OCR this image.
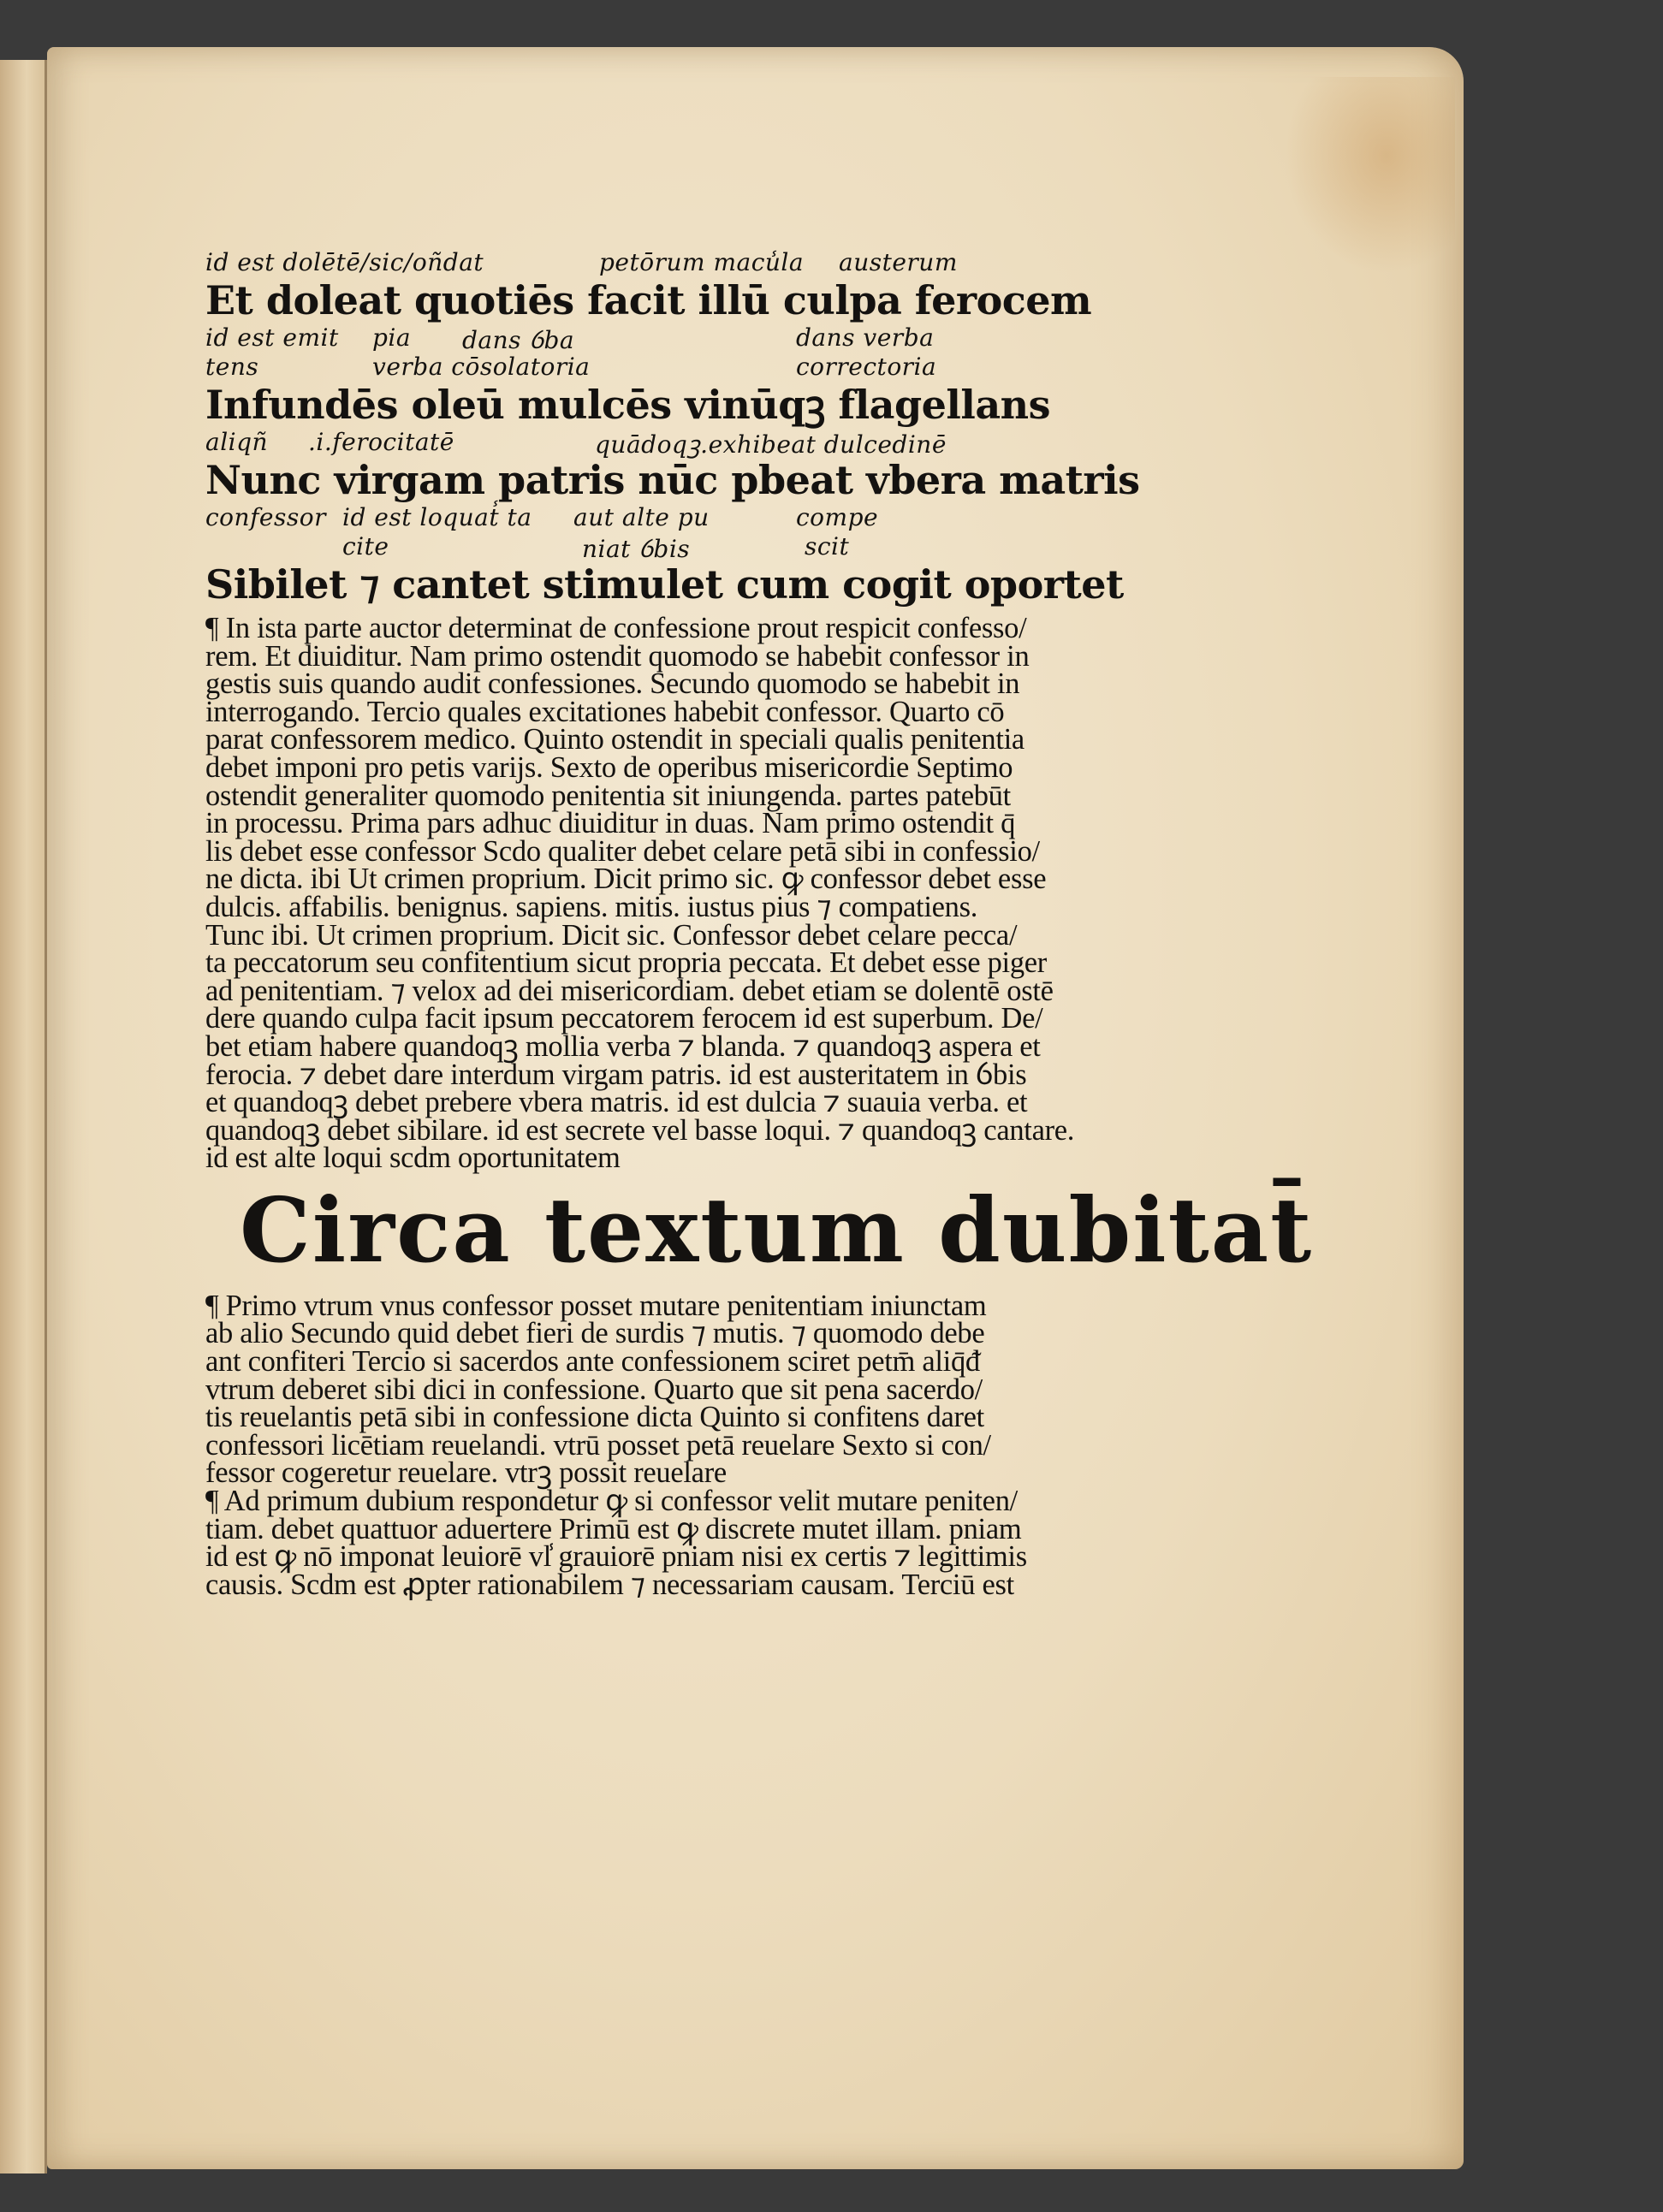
id est dolētē/sic/oñdat	petōrum macu̾la austerum
Et doleat quotiēs facit illū culpa ferocem
id est emit pia dans ỽba	dans verba
tens	verba cōsolatoria	correctoria
Infundēs oleū mulcēs vinūqꝫ flagellans
aliqñ .i.ferocitatē	quādoqꝫ.exhibeat dulcedinē
Nunc virgam patris nūc pbeat vbera matris
confessor id est loquat̾ ta aut alte pu	compe
cite	niat ỽbis	scit
Sibilet ⁊ cantet stimulet cum cogit oportet
¶ In ista parte auctor determinat de confessione prout respicit confesso/
rem. Et diuiditur. Nam primo ostendit quomodo se habebit confessor in
gestis suis quando audit confessiones. Secundo quomodo se habebit in
interrogando. Tercio quales excitationes habebit confessor. Quarto cō
parat confessorem medico. Quinto ostendit in speciali qualis penitentia
debet imponi pro petis varijs. Sexto de operibus misericordie Septimo
ostendit generaliter quomodo penitentia sit iniungenda. partes patebūt
in processu. Prima pars adhuc diuiditur in duas. Nam primo ostendit q̄
lis debet esse confessor Scdo qualiter debet celare petā sibi in confessio/
ne dicta. ibi Ut crimen proprium. Dicit primo sic. ꝙ confessor debet esse
dulcis. affabilis. benignus. sapiens. mitis. iustus pius ⁊ compatiens.
Tunc ibi. Ut crimen proprium. Dicit sic. Confessor debet celare pecca/
ta peccatorum seu confitentium sicut propria peccata. Et debet esse piger
ad penitentiam. ⁊ velox ad dei misericordiam. debet etiam se dolentē ostē
dere quando culpa facit ipsum peccatorem ferocem id est superbum. De/
bet etiam habere quandoqꝫ mollia verba ⁊ blanda. ⁊ quandoqꝫ aspera et
ferocia. ⁊ debet dare interdum virgam patris. id est austeritatem in ỽbis
et quandoqꝫ debet prebere vbera matris. id est dulcia ⁊ suauia verba. et
quandoqꝫ debet sibilare. id est secrete vel basse loqui. ⁊ quandoqꝫ cantare.
id est alte loqui scdm oportunitatem
Circa textum dubitat̄
¶ Primo vtrum vnus confessor posset mutare penitentiam iniunctam
ab alio Secundo quid debet fieri de surdis ⁊ mutis. ⁊ quomodo debe
ant confiteri Tercio si sacerdos ante confessionem sciret petm̄ aliq̄ᵭ
vtrum deberet sibi dici in confessione. Quarto que sit pena sacerdo/
tis reuelantis petā sibi in confessione dicta Quinto si confitens daret
confessori licētiam reuelandi. vtrū posset petā reuelare Sexto si con/
fessor cogeretur reuelare. vtrꝫ possit reuelare
¶ Ad primum dubium respondetur ꝙ si confessor velit mutare peniten/
tiam. debet quattuor aduertere Primū est ꝙ discrete mutet illam. pniam
id est ꝙ nō imponat leuiorē vl̾ grauiorē pniam nisi ex certis ⁊ legittimis
causis. Scdm est ꝓpter rationabilem ⁊ necessariam causam. Terciū est
